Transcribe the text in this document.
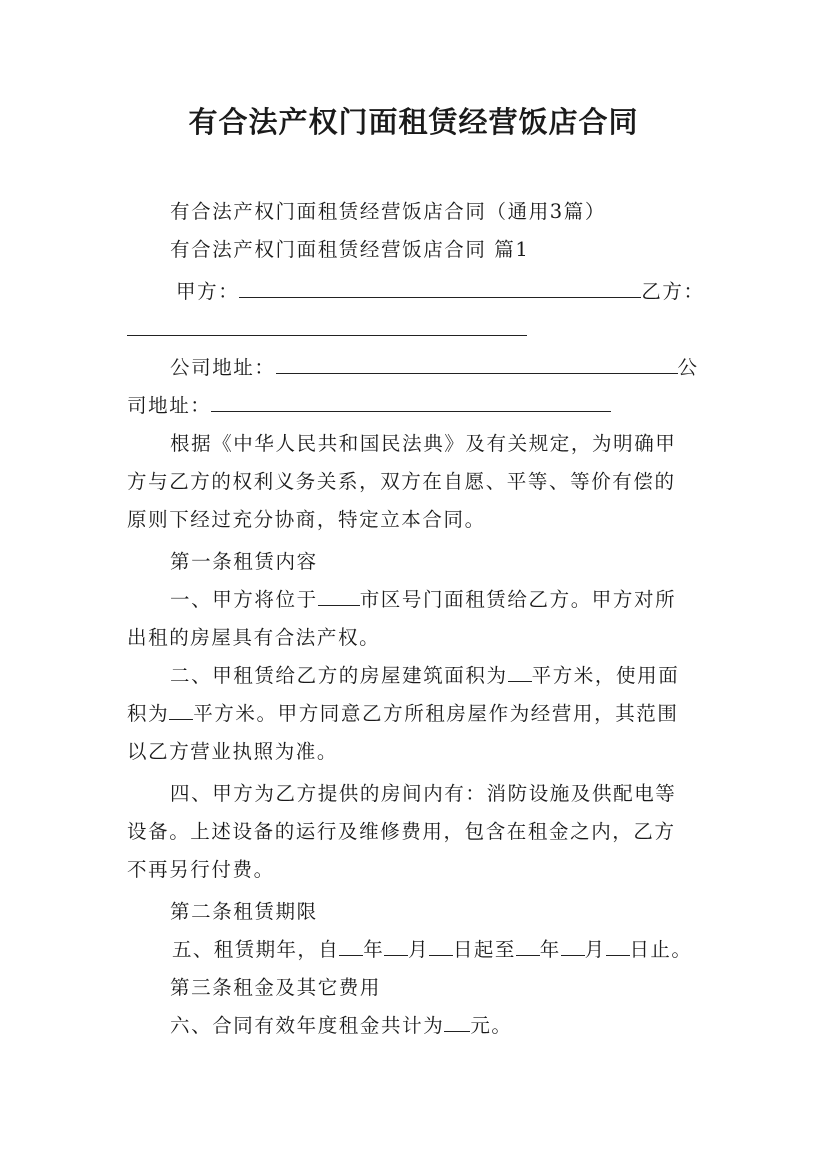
有合法产权门面租赁经营饭店合同
有合法产权门面租赁经营饭店合同（通用3篇）
有合法产权门面租赁经营饭店合同 篇1
甲方：	乙方：
公司地址：	公
司地址：
根据《中华人民共和国民法典》及有关规定，为明确甲
方与乙方的权利义务关系，双方在自愿、平等、等价有偿的
原则下经过充分协商，特定立本合同。
第一条租赁内容
一、甲方将位于 市区号门面租赁给乙方。甲方对所
出租的房屋具有合法产权。
二、甲租赁给乙方的房屋建筑面积为 平方米，使用面
积为 平方米。甲方同意乙方所租房屋作为经营用，其范围
以乙方营业执照为准。
四、甲方为乙方提供的房间内有：消防设施及供配电等
设备。上述设备的运行及维修费用，包含在租金之内，乙方
不再另行付费。
第二条租赁期限
五、租赁期年，自 年 月 日起至 年 月 日止。
第三条租金及其它费用
六、合同有效年度租金共计为 元。
